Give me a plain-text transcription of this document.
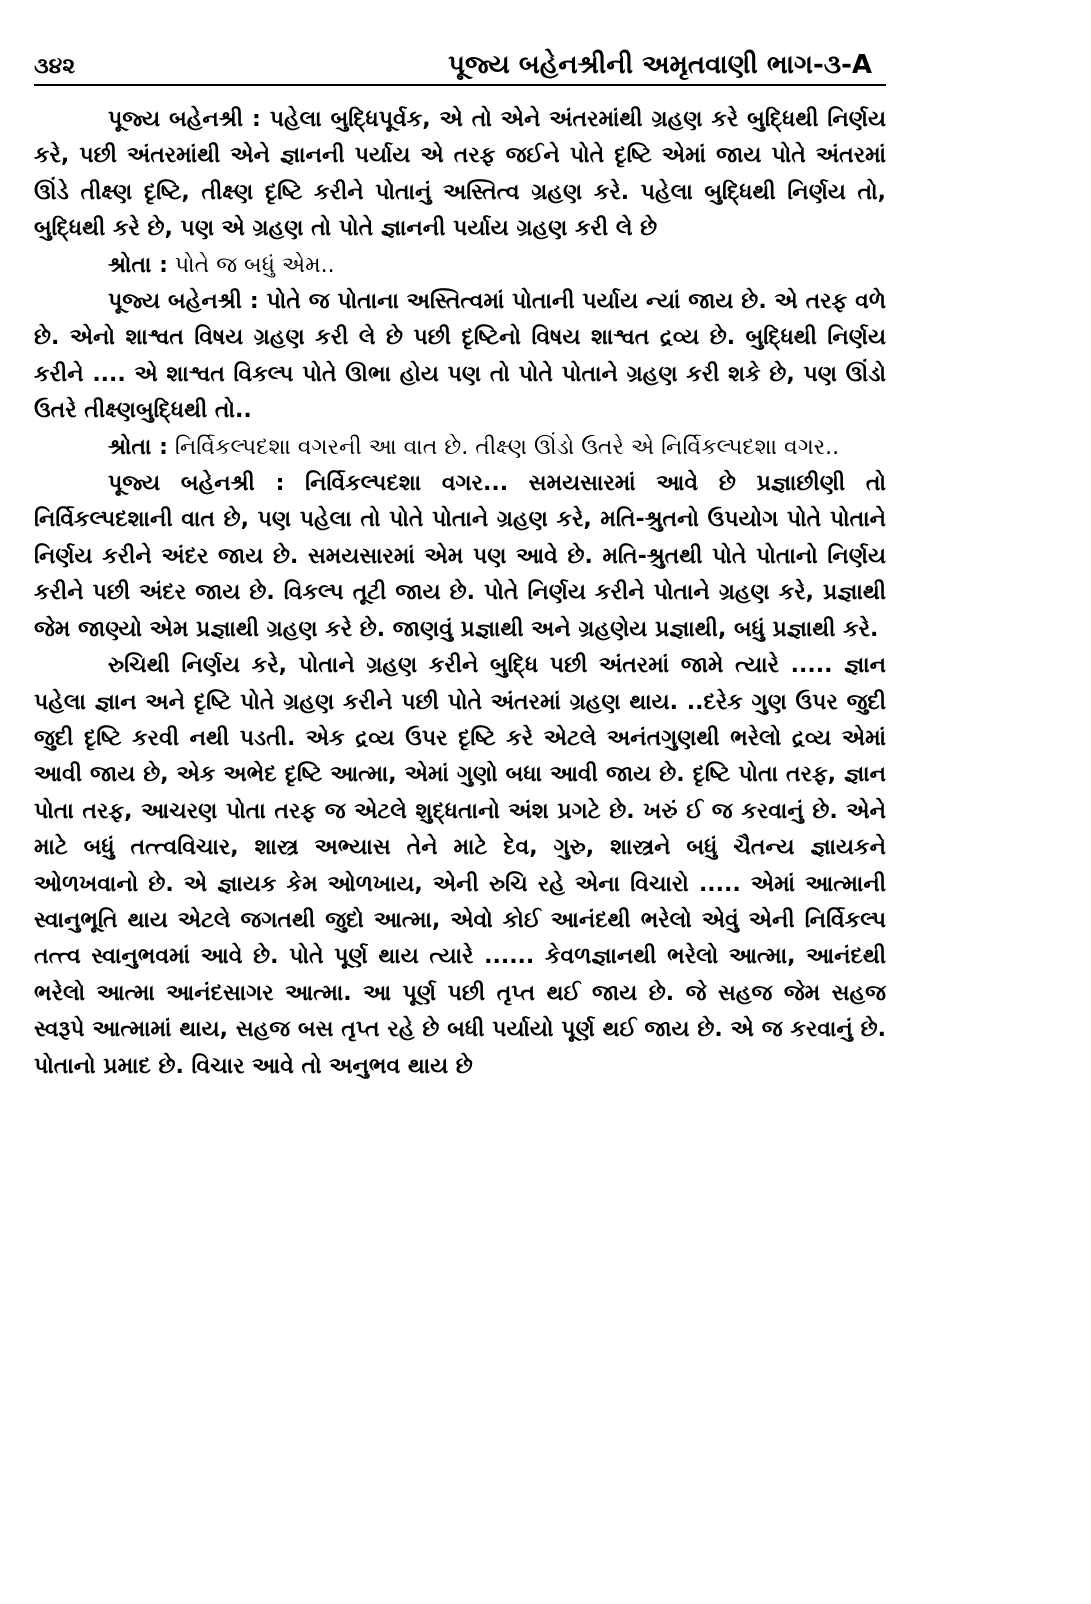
૩૪૨	પૂજ્ય બહેનશ્રીની અમૃતવાણી ભાગ-૩-A

પૂજ્ય બહેનશ્રી : પહેલા બુદ્ધિપૂર્વક, એ તો એને અંતરમાંથી ગ્રહણ કરે બુદ્ધિથી નિર્ણય કરે, પછી અંતરમાંથી એને જ્ઞાનની પર્યાય એ તરફ જઈને પોતે દૃષ્ટિ એમાં જાય પોતે અંતરમાં ઊંડે તીક્ષ્ણ દૃષ્ટિ, તીક્ષ્ણ દૃષ્ટિ કરીને પોતાનું અસ્તિત્વ ગ્રહણ કરે. પહેલા બુદ્ધિથી નિર્ણય તો, બુદ્ધિથી કરે છે, પણ એ ગ્રહણ તો પોતે જ્ઞાનની પર્યાય ગ્રહણ કરી લે છે

શ્રોતા : પોતે જ બધું એમ..

પૂજ્ય બહેનશ્રી : પોતે જ પોતાના અસ્તિત્વમાં પોતાની પર્યાય ન્યાં જાય છે. એ તરફ વળે છે. એનો શાશ્વત વિષય ગ્રહણ કરી લે છે પછી દૃષ્ટિનો વિષય શાશ્વત દ્રવ્ય છે. બુદ્ધિથી નિર્ણય કરીને .... એ શાશ્વત વિકલ્પ પોતે ઊભા હોય પણ તો પોતે પોતાને ગ્રહણ કરી શકે છે, પણ ઊંડો ઉતરે તીક્ષ્ણબુદ્ધિથી તો..

શ્રોતા : નિર્વિકલ્પદશા વગરની આ વાત છે. તીક્ષ્ણ ઊંડો ઉતરે એ નિર્વિકલ્પદશા વગર..

પૂજ્ય બહેનશ્રી : નિર્વિકલ્પદશા વગર... સમયસારમાં આવે છે પ્રજ્ઞાછીણી તો નિર્વિકલ્પદશાની વાત છે, પણ પહેલા તો પોતે પોતાને ગ્રહણ કરે, મતિ-શ્રુતનો ઉપયોગ પોતે પોતાને નિર્ણય કરીને અંદર જાય છે. સમયસારમાં એમ પણ આવે છે. મતિ-શ્રુતથી પોતે પોતાનો નિર્ણય કરીને પછી અંદર જાય છે. વિકલ્પ તૂટી જાય છે. પોતે નિર્ણય કરીને પોતાને ગ્રહણ કરે, પ્રજ્ઞાથી જેમ જાણ્યો એમ પ્રજ્ઞાથી ગ્રહણ કરે છે. જાણવું પ્રજ્ઞાથી અને ગ્રહણેય પ્રજ્ઞાથી, બધું પ્રજ્ઞાથી કરે.

રુચિથી નિર્ણય કરે, પોતાને ગ્રહણ કરીને બુદ્ધિ પછી અંતરમાં જામે ત્યારે ..... જ્ઞાન પહેલા જ્ઞાન અને દૃષ્ટિ પોતે ગ્રહણ કરીને પછી પોતે અંતરમાં ગ્રહણ થાય. ..દરેક ગુણ ઉપર જુદી જુદી દૃષ્ટિ કરવી નથી પડતી. એક દ્રવ્ય ઉપર દૃષ્ટિ કરે એટલે અનંતગુણથી ભરેલો દ્રવ્ય એમાં આવી જાય છે, એક અભેદ દૃષ્ટિ આત્મા, એમાં ગુણો બધા આવી જાય છે. દૃષ્ટિ પોતા તરફ, જ્ઞાન પોતા તરફ, આચરણ પોતા તરફ જ એટલે શુદ્ધતાનો અંશ પ્રગટે છે. ખરું ઈ જ કરવાનું છે. એને માટે બધું તત્ત્વવિચાર, શાસ્ત્ર અભ્યાસ તેને માટે દેવ, ગુરુ, શાસ્ત્રને બધું ચૈતન્ય જ્ઞાયકને ઓળખવાનો છે. એ જ્ઞાયક કેમ ઓળખાય, એની રુચિ રહે એના વિચારો ..... એમાં આત્માની સ્વાનુભૂતિ થાય એટલે જગતથી જુદો આત્મા, એવો કોઈ આનંદથી ભરેલો એવું એની નિર્વિકલ્પ તત્ત્વ સ્વાનુભવમાં આવે છે. પોતે પૂર્ણ થાય ત્યારે ...... કેવળજ્ઞાનથી ભરેલો આત્મા, આનંદથી ભરેલો આત્મા આનંદસાગર આત્મા. આ પૂર્ણ પછી તૃપ્ત થઈ જાય છે. જે સહજ જેમ સહજ સ્વરૂપે આત્મામાં થાય, સહજ બસ તૃપ્ત રહે છે બધી પર્યાયો પૂર્ણ થઈ જાય છે. એ જ કરવાનું છે. પોતાનો પ્રમાદ છે. વિચાર આવે તો અનુભવ થાય છે
